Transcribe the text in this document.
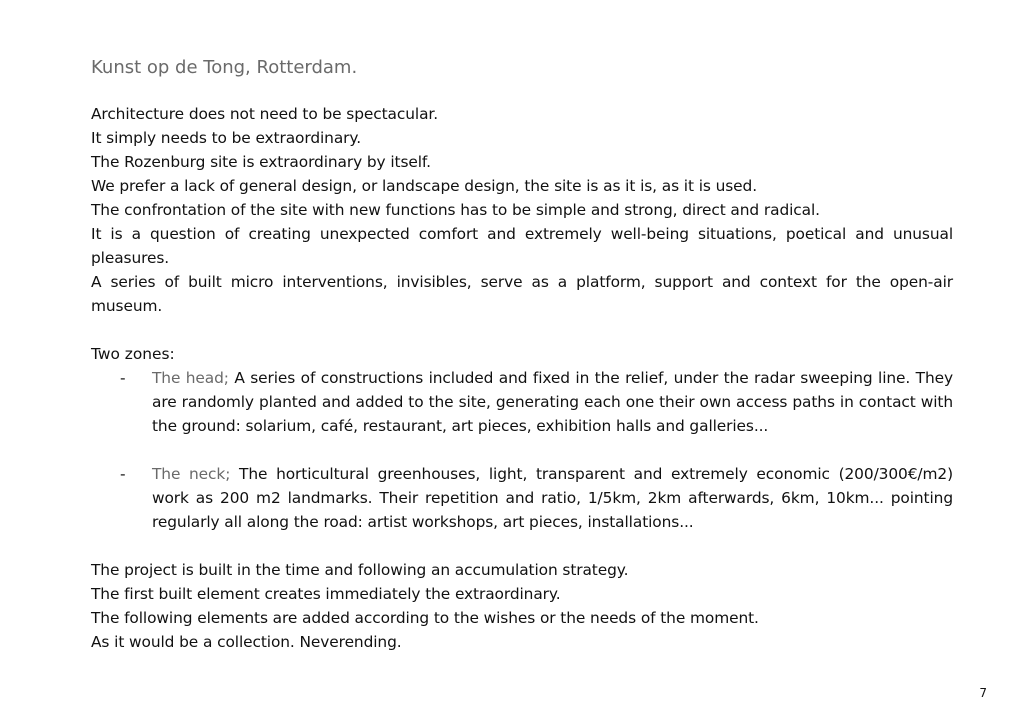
Kunst op de Tong, Rotterdam.

Architecture does not need to be spectacular.

It simply needs to be extraordinary.

The Rozenburg site is extraordinary by itself.

We prefer a lack of general design, or landscape design, the site is as it is, as it is used.

The confrontation of the site with new functions has to be simple and strong, direct and radical.

It is a question of creating unexpected comfort and extremely well-being situations, poetical and unusual pleasures.

A series of built micro interventions, invisibles, serve as a platform, support and context for the open-air museum.

Two zones:

- The head; A series of constructions included and fixed in the relief, under the radar sweeping line. They are randomly planted and added to the site, generating each one their own access paths in contact with the ground: solarium, café, restaurant, art pieces, exhibition halls and galleries...

- The neck; The horticultural greenhouses, light, transparent and extremely economic (200/300€/m2) work as 200 m2 landmarks. Their repetition and ratio, 1/5km, 2km afterwards, 6km, 10km... pointing regularly all along the road: artist workshops, art pieces, installations...

The project is built in the time and following an accumulation strategy.

The first built element creates immediately the extraordinary.

The following elements are added according to the wishes or the needs of the moment.

As it would be a collection. Neverending.

7
